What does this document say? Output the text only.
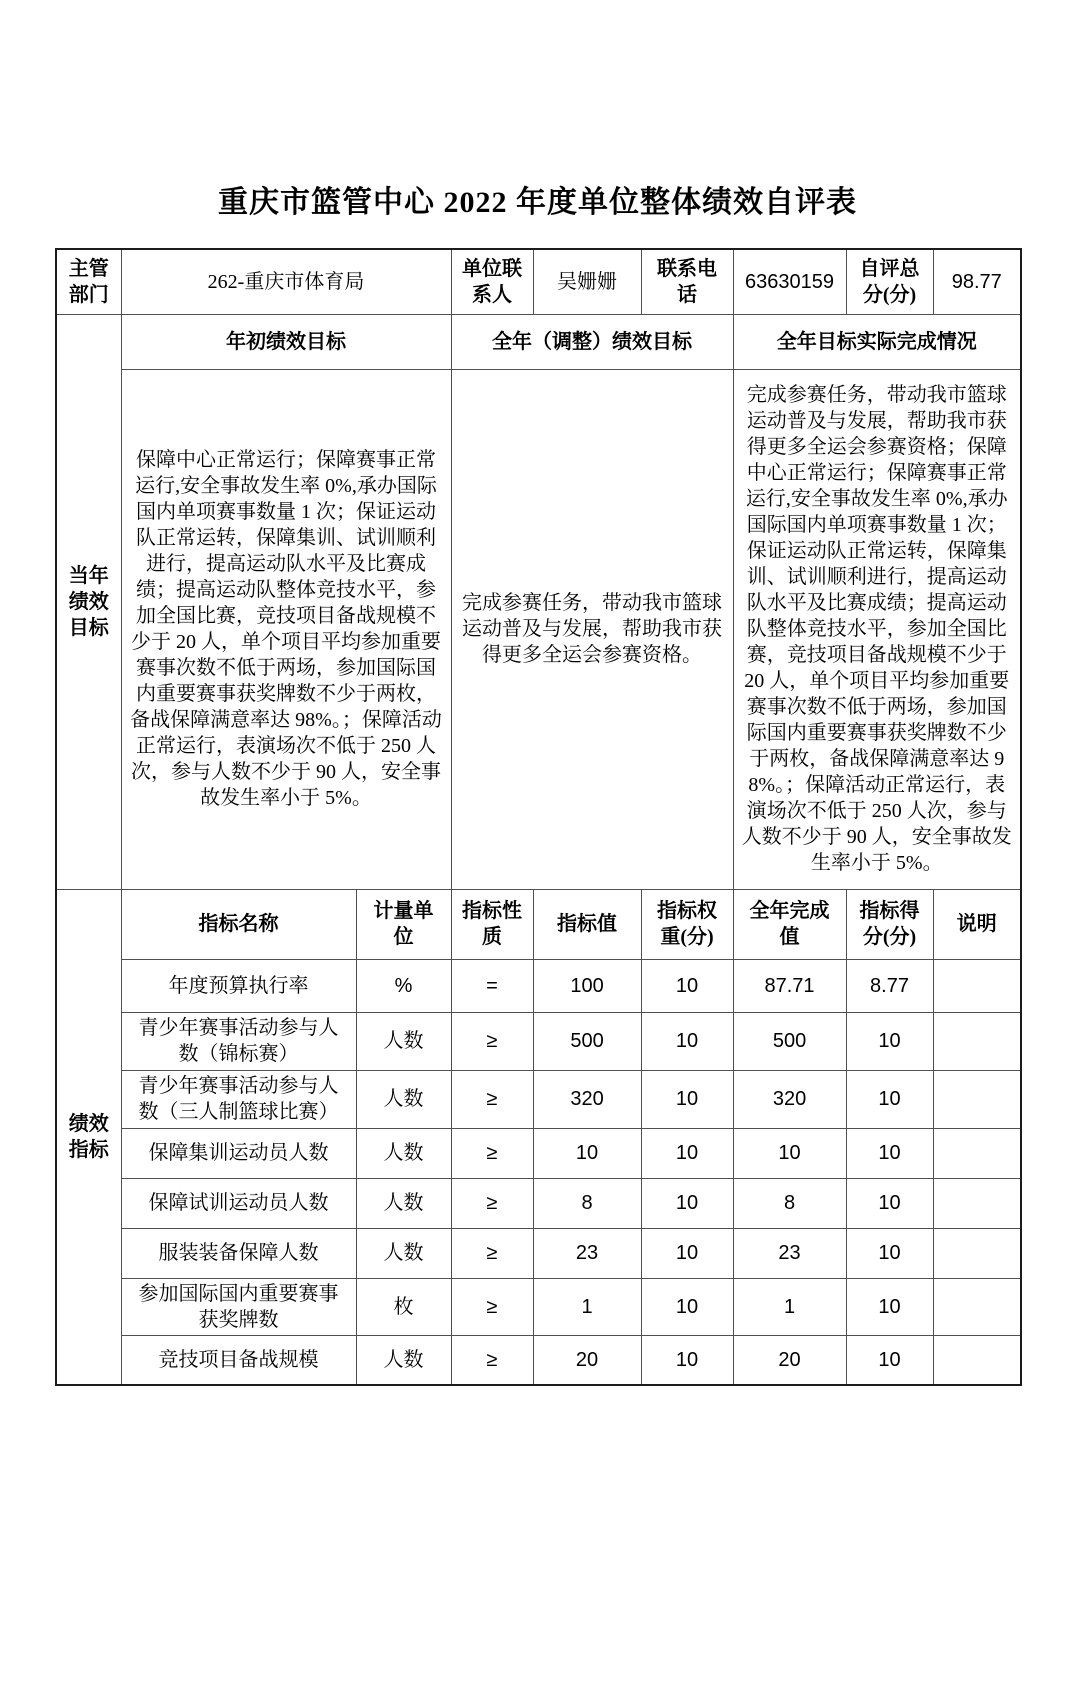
重庆市篮管中心 2022 年度单位整体绩效自评表
主管部门	262-重庆市体育局		单位联系人	吴姗姗	联系电话	63630159	自评总分(分)	98.77
当年绩效目标	年初绩效目标		全年（调整）绩效目标			全年目标实际完成情况		
保障中心正常运行；保障赛事正常运行,安全事故发生率 0%,承办国际国内单项赛事数量 1 次；保证运动队正常运转，保障集训、试训顺利进行，提高运动队水平及比赛成绩；提高运动队整体竞技水平，参加全国比赛，竞技项目备战规模不少于 20 人，单个项目平均参加重要赛事次数不低于两场，参加国际国内重要赛事获奖牌数不少于两枚，备战保障满意率达 98%。；保障活动正常运行，表演场次不低于 250 人次，参与人数不少于 90 人，安全事故发生率小于 5%。	完成参赛任务，带动我市篮球运动普及与发展，帮助我市获得更多全运会参赛资格。	完成参赛任务，带动我市篮球运动普及与发展，帮助我市获得更多全运会参赛资格；保障中心正常运行；保障赛事正常运行,安全事故发生率 0%,承办国际国内单项赛事数量 1 次；保证运动队正常运转，保障集训、试训顺利进行，提高运动队水平及比赛成绩；提高运动队整体竞技水平，参加全国比赛，竞技项目备战规模不少于 20 人，单个项目平均参加重要赛事次数不低于两场，参加国际国内重要赛事获奖牌数不少于两枚，备战保障满意率达 98%。；保障活动正常运行，表演场次不低于 250 人次，参与人数不少于 90 人，安全事故发生率小于 5%。
绩效指标	指标名称	计量单位	指标性质	指标值	指标权重(分)	全年完成值	指标得分(分)	说明
	年度预算执行率	%	=	100	10	87.71	8.77	
	青少年赛事活动参与人数（锦标赛）	人数	≥	500	10	500	10	
	青少年赛事活动参与人数（三人制篮球比赛）	人数	≥	320	10	320	10	
	保障集训运动员人数	人数	≥	10	10	10	10	
	保障试训运动员人数	人数	≥	8	10	8	10	
	服装装备保障人数	人数	≥	23	10	23	10	
	参加国际国内重要赛事获奖牌数	枚	≥	1	10	1	10	
	竞技项目备战规模	人数	≥	20	10	20	10	
